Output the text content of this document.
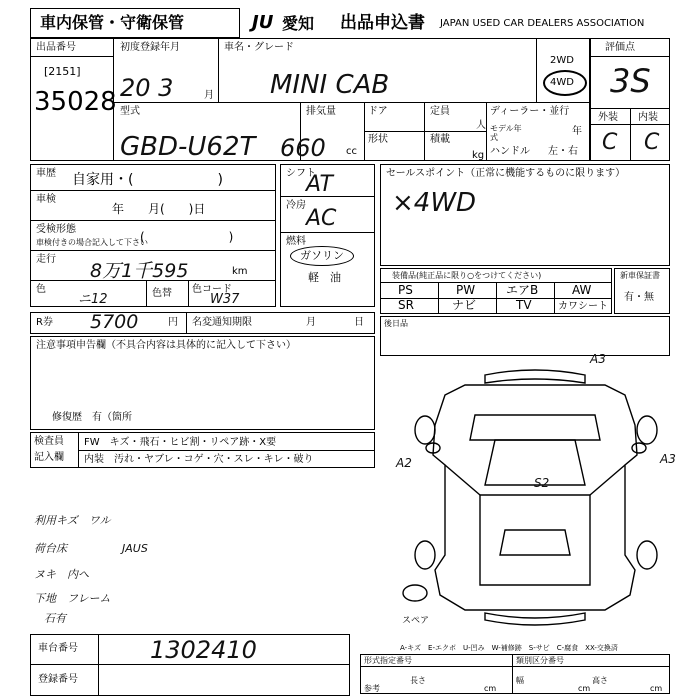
車内保管・守衛保管	JU 愛知 出品申込書 JAPAN USED CAR DEALERS ASSOCIATION
出品番号
[2151]
35028
初度登録年月
20 3	月
車名・グレード
MINI CAB
2WD
4WD
型式
GBD-U62T
排気量
660 cc
ドア	定員
人
形状	積載
kg
ディーラー・並行
モデル年式
年
ハンドル 左・右
評価点
3S
外装 内装
C C
車歴 自家用・(　　　　　　)
車検
年　　月(　　)日
受検形態
車検付きの場合記入して下さい
(　　　　　　　)
走行
8万1千595	km
色
ニ12	色替 色コード
W37
シフト
AT
冷房
AC
燃料
ガソリン
軽　油
セールスポイント（正常に機能するものに限ります）
×4WD
装備品(純正品に限り○をつけてください)
PS	PW	エアB	AW
SR	ナビ	TV	カワシート
新車保証書
有・無
R券 5700	円 名変通知期限	月	日	後日品
注意事項申告欄（不具合内容は具体的に記入して下さい）
修復歴　有（箇所
検査員
記入欄
FW　キズ・飛石・ヒビ割・リペア跡・X要
内装　汚れ・ヤブレ・コゲ・穴・スレ・キレ・破り
利用キズ　ワル
荷台床	JAUS
ヌキ　内へ
下地　フレーム
石有
A3
A2	A3
S2
スペア
A-キズ　E-エクボ　U-凹み　W-補修跡　S-サビ　C-腐食　XX-交換済
車台番号	1302410
登録番号
形式指定番号	類別区分番号
参考
長さ
cm
幅
cm
高さ
cm
